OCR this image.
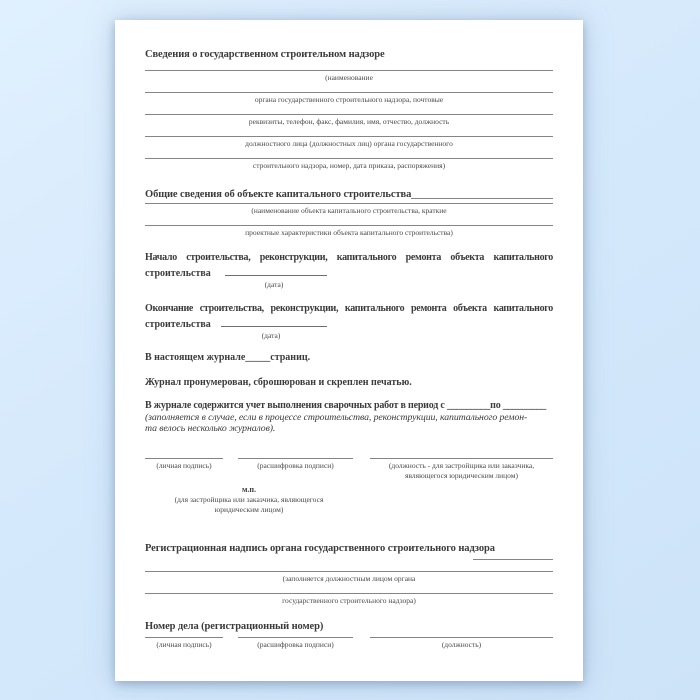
Сведения о государственном строительном надзоре
(наименование
органа государственного строительного надзора, почтовые
реквизиты, телефон, факс, фамилия, имя, отчество, должность
должностного лица (должностных лиц) органа государственного
строительного надзора, номер, дата приказа, распоряжения)
Общие сведения об объекте капитального строительства
(наименование объекта капитального строительства, краткие
проектные характеристики объекта капитального строительства)
Начало строительства, реконструкции, капитального ремонта объекта капитального
строительства
(дата)
Окончание строительства, реконструкции, капитального ремонта объекта капитального
строительства
(дата)
В настоящем журнале_____страниц.
Журнал пронумерован, сброшюрован и скреплен печатью.
В журнале содержится учет выполнения сварочных работ в период с _________по _________
(заполняется в случае, если в процессе строительства, реконструкции, капитального ремон-
та велось несколько журналов).
(личная подпись)	(расшифровка подписи)	(должность - для застройщика или заказчика,
являющегося юридическим лицом)
м.п.
(для застройщика или заказчика, являющегося
юридическим лицом)
Регистрационная надпись органа государственного строительного надзора
(заполняется должностным лицом органа
государственного строительного надзора)
Номер дела (регистрационный номер)
(личная подпись)	(расшифровка подписи)	(должность)
